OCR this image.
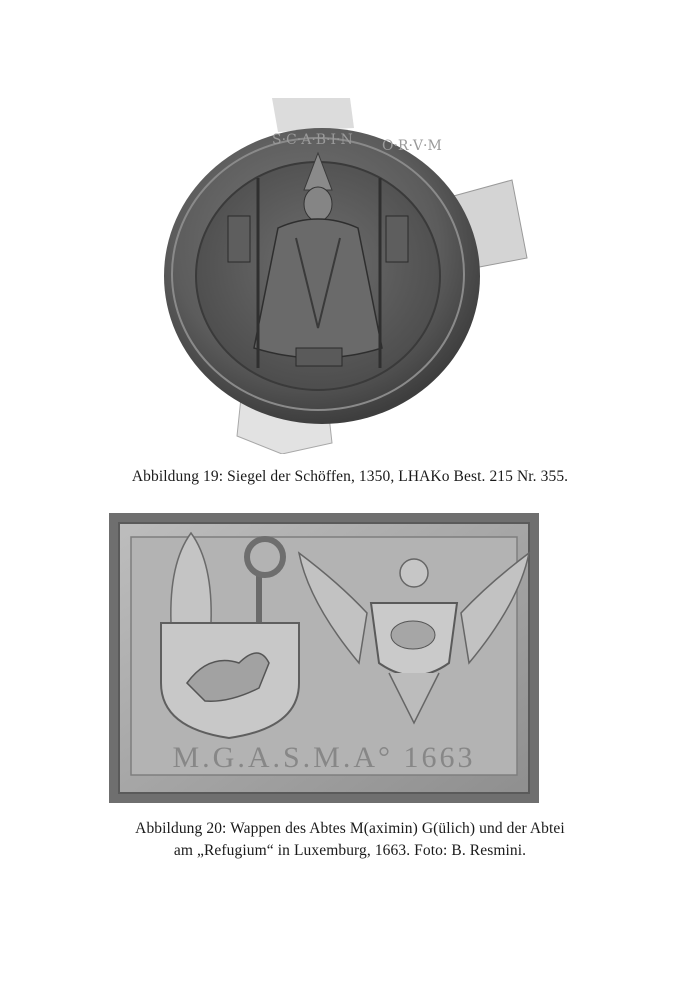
S·C·A·B·I·N O·R·V·M
Abbildung 19: Siegel der Schöffen, 1350, LHAKo Best. 215 Nr. 355.
M.G.A.S.M.A° 1663
Abbildung 20: Wappen des Abtes M(aximin) G(ülich) und der Abtei
am „Refugium“ in Luxemburg, 1663. Foto: B. Resmini.
